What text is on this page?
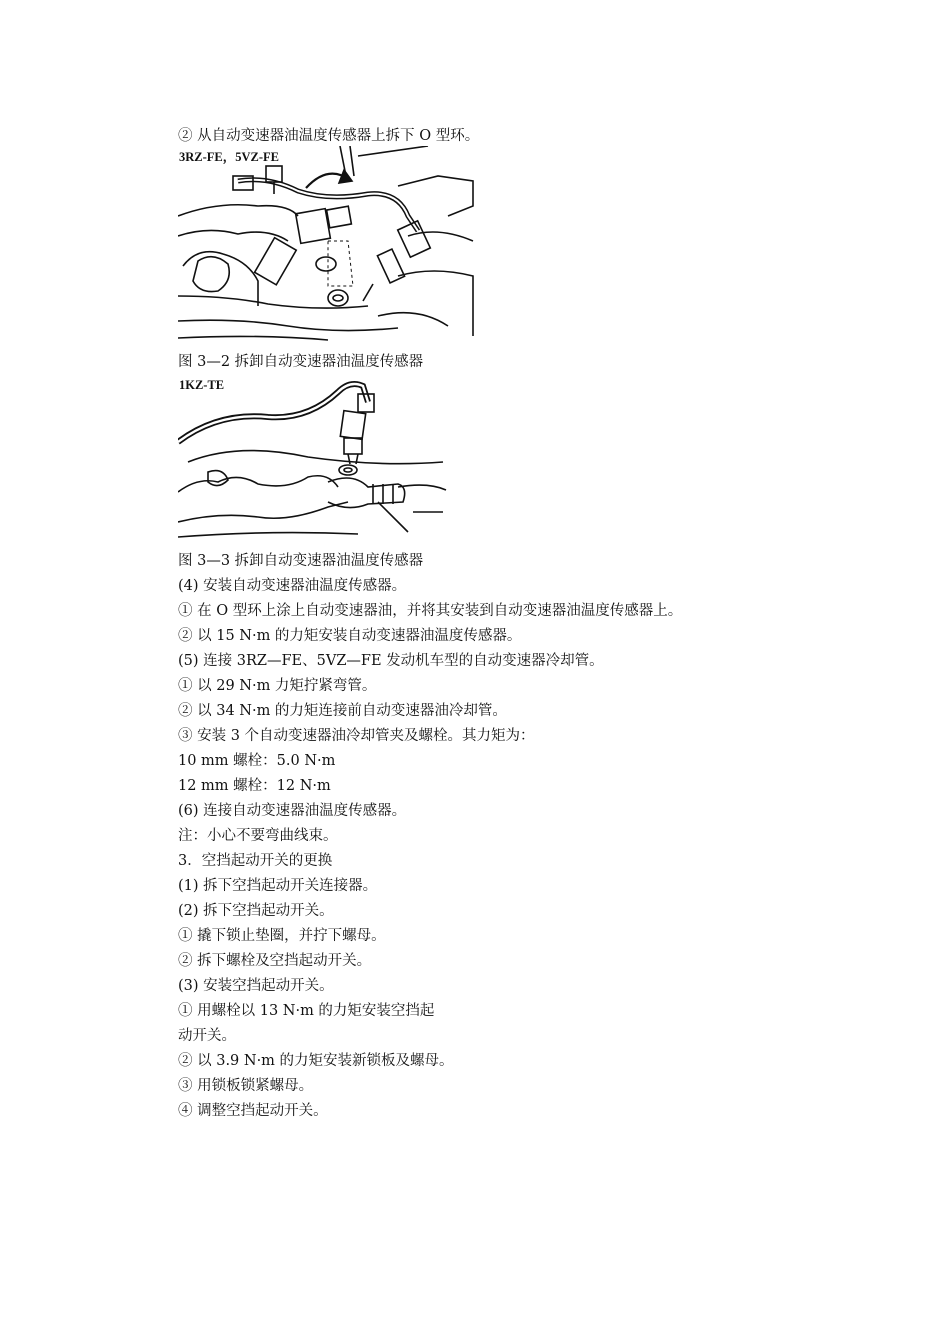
② 从自动变速器油温度传感器上拆下 O 型环。
3RZ-FE，5VZ-FE
图 3—2 拆卸自动变速器油温度传感器
1KZ-TE
图 3—3 拆卸自动变速器油温度传感器
(4) 安装自动变速器油温度传感器。
① 在 O 型环上涂上自动变速器油，并将其安装到自动变速器油温度传感器上。
② 以 15 N·m 的力矩安装自动变速器油温度传感器。
(5) 连接 3RZ—FE、5VZ—FE 发动机车型的自动变速器冷却管。
① 以 29 N·m 力矩拧紧弯管。
② 以 34 N·m 的力矩连接前自动变速器油冷却管。
③ 安装 3 个自动变速器油冷却管夹及螺栓。其力矩为：
10 mm 螺栓：5.0 N·m
12 mm 螺栓：12 N·m
(6) 连接自动变速器油温度传感器。
注：小心不要弯曲线束。
3．空挡起动开关的更换
(1) 拆下空挡起动开关连接器。
(2) 拆下空挡起动开关。
① 撬下锁止垫圈，并拧下螺母。
② 拆下螺栓及空挡起动开关。
(3) 安装空挡起动开关。
① 用螺栓以 13 N·m 的力矩安装空挡起
动开关。
② 以 3.9 N·m 的力矩安装新锁板及螺母。
③ 用锁板锁紧螺母。
④ 调整空挡起动开关。
